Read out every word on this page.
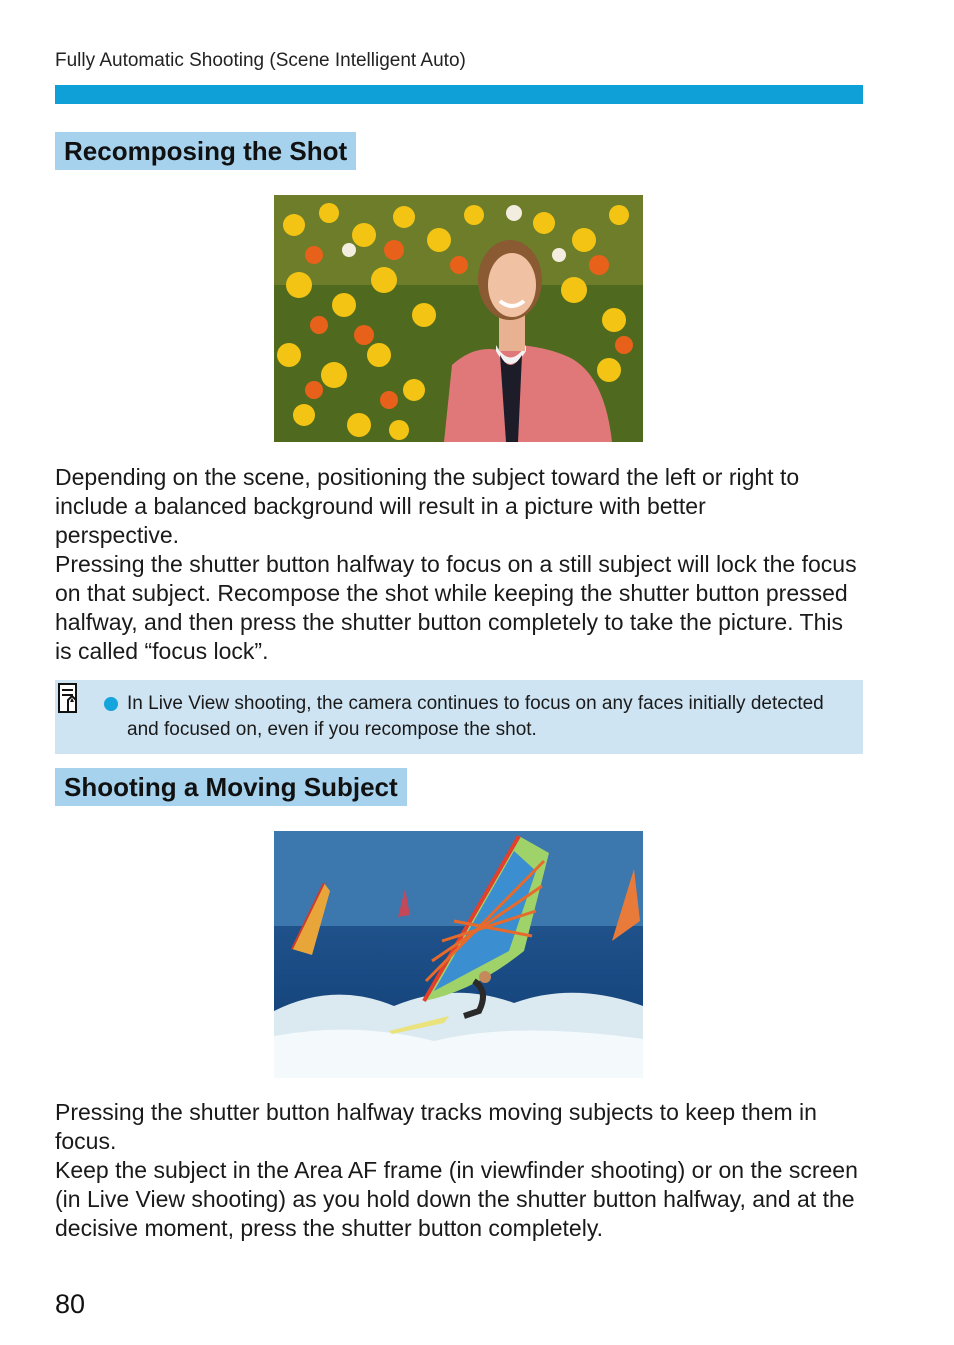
Fully Automatic Shooting (Scene Intelligent Auto)
Recomposing the Shot

Depending on the scene, positioning the subject toward the left or right to include a balanced background will result in a picture with better perspective.

Pressing the shutter button halfway to focus on a still subject will lock the focus on that subject. Recompose the shot while keeping the shutter button pressed halfway, and then press the shutter button completely to take the picture. This is called “focus lock”.

In Live View shooting, the camera continues to focus on any faces initially detected and focused on, even if you recompose the shot.
Shooting a Moving Subject

Pressing the shutter button halfway tracks moving subjects to keep them in focus.

Keep the subject in the Area AF frame (in viewfinder shooting) or on the screen (in Live View shooting) as you hold down the shutter button halfway, and at the decisive moment, press the shutter button completely.

80
